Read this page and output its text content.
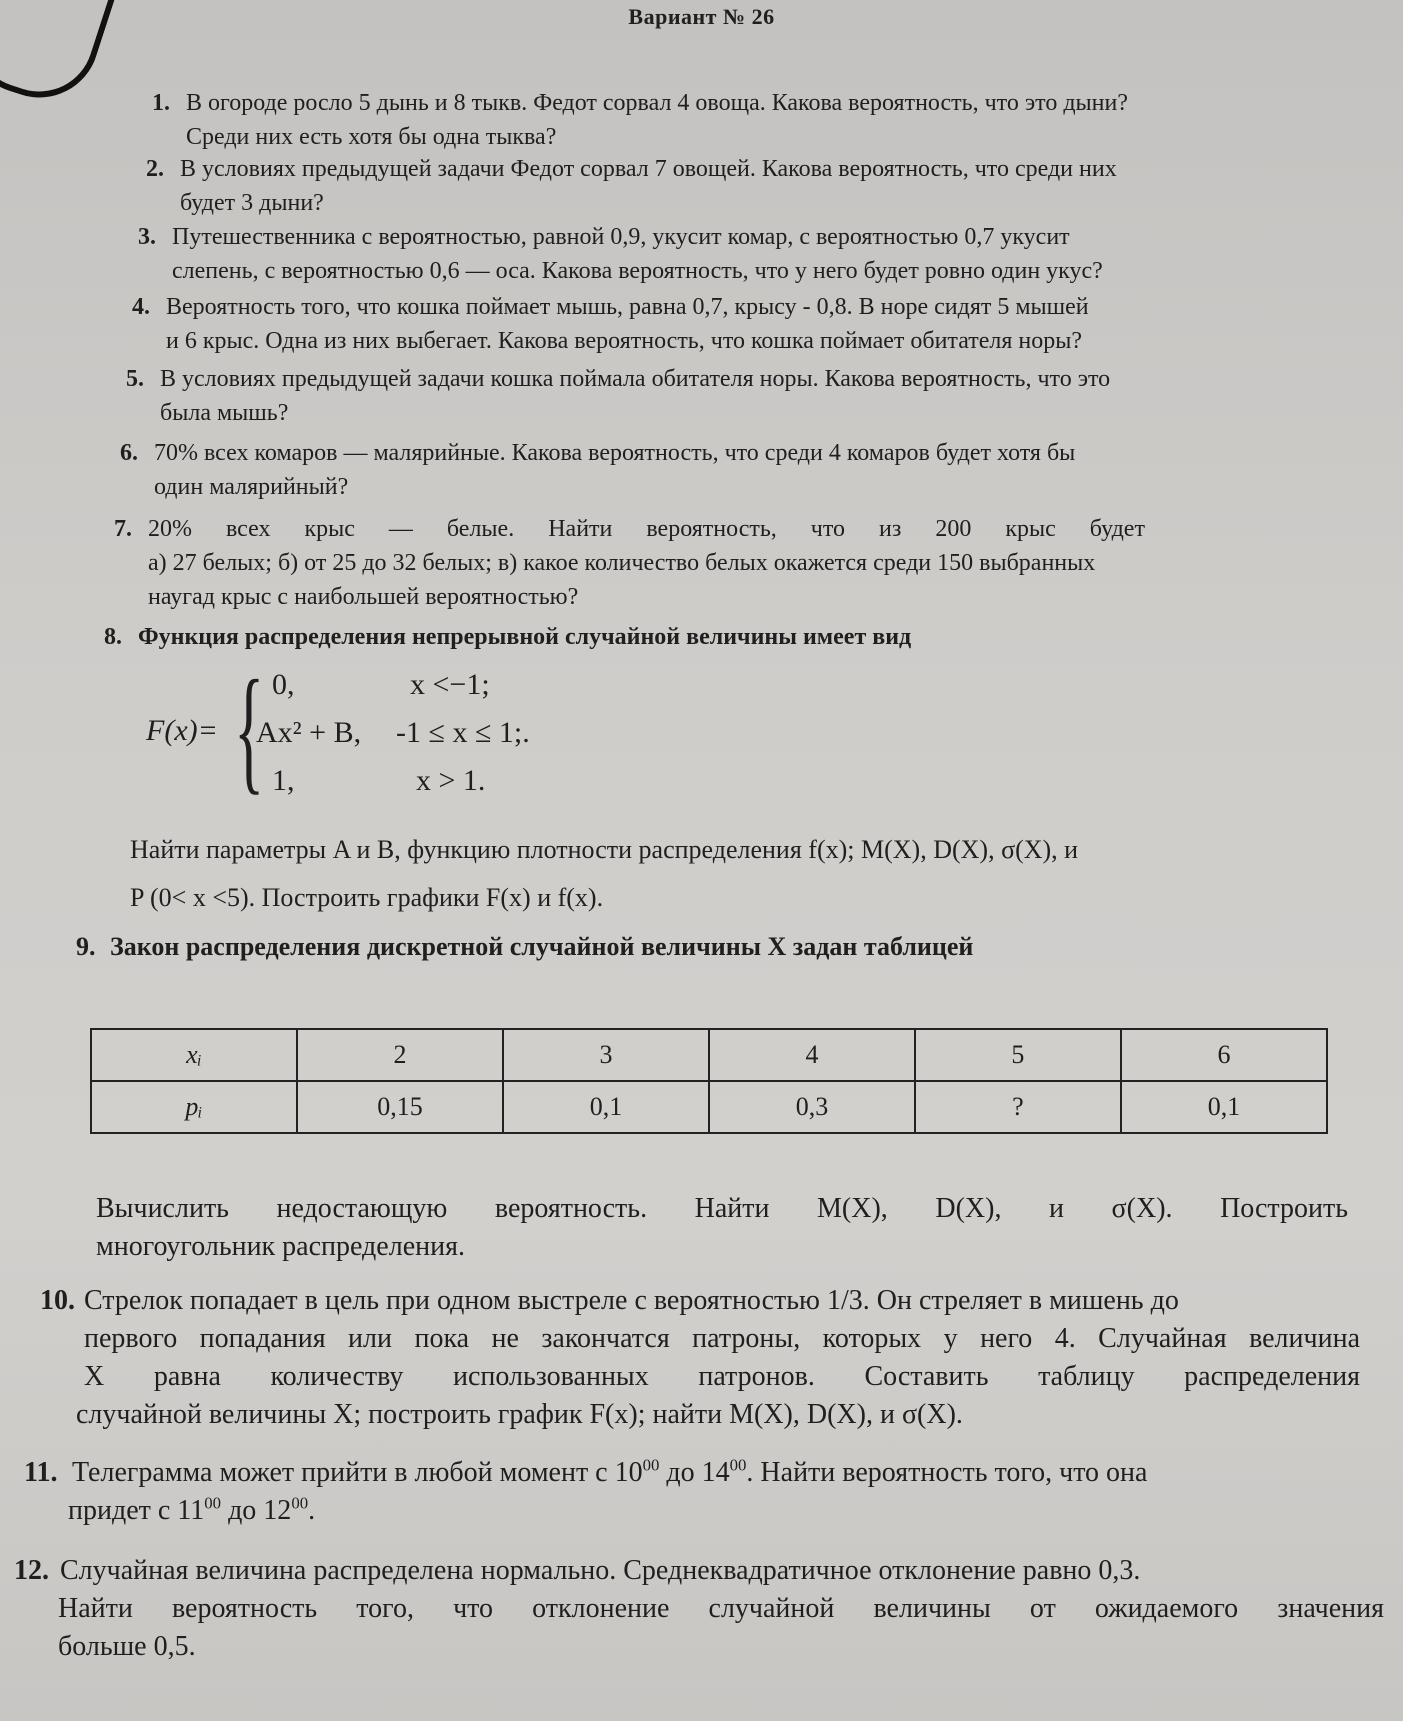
Вариант № 26
1. В огороде росло 5 дынь и 8 тыкв. Федот сорвал 4 овоща. Какова вероятность, что это дыни?
Среди них есть хотя бы одна тыква?
2. В условиях предыдущей задачи Федот сорвал 7 овощей. Какова вероятность, что среди них
будет 3 дыни?
3. Путешественника с вероятностью, равной 0,9, укусит комар, с вероятностью 0,7 укусит
слепень, с вероятностью 0,6 — оса. Какова вероятность, что у него будет ровно один укус?
4. Вероятность того, что кошка поймает мышь, равна 0,7, крысу - 0,8. В норе сидят 5 мышей
и 6 крыс. Одна из них выбегает. Какова вероятность, что кошка поймает обитателя норы?
5. В условиях предыдущей задачи кошка поймала обитателя норы. Какова вероятность, что это
была мышь?
6. 70% всех комаров — малярийные. Какова вероятность, что среди 4 комаров будет хотя бы
один малярийный?
7. 20% всех крыс — белые. Найти вероятность, что из 200 крыс будет
а) 27 белых; б) от 25 до 32 белых; в) какое количество белых окажется среди 150 выбранных
наугад крыс с наибольшей вероятностью?
8. Функция распределения непрерывной случайной величины имеет вид
F(x)= { 0,	x <−1;
Ax² + B, -1 ≤ x ≤ 1;.
1,	x > 1.
Найти параметры A и B, функцию плотности распределения f(x); M(X), D(X), σ(X), и
P (0< x <5). Построить графики F(x) и f(x).
9. Закон распределения дискретной случайной величины X задан таблицей
xᵢ	2	3	4	5	6
pᵢ	0,15	0,1	0,3	?	0,1
Вычислить недостающую вероятность. Найти M(X), D(X), и σ(X). Построить
многоугольник распределения.
10. Стрелок попадает в цель при одном выстреле с вероятностью 1/3. Он стреляет в мишень до
первого попадания или пока не закончатся патроны, которых у него 4. Случайная величина
X равна количеству использованных патронов. Составить таблицу распределения
случайной величины X; построить график F(x); найти M(X), D(X), и σ(X).
11. Телеграмма может прийти в любой момент с $10^{00}$ до $14^{00}$. Найти вероятность того, что она
придет с $11^{00}$ до $12^{00}$.
12. Случайная величина распределена нормально. Среднеквадратичное отклонение равно 0,3.
Найти вероятность того, что отклонение случайной величины от ожидаемого значения
больше 0,5.
